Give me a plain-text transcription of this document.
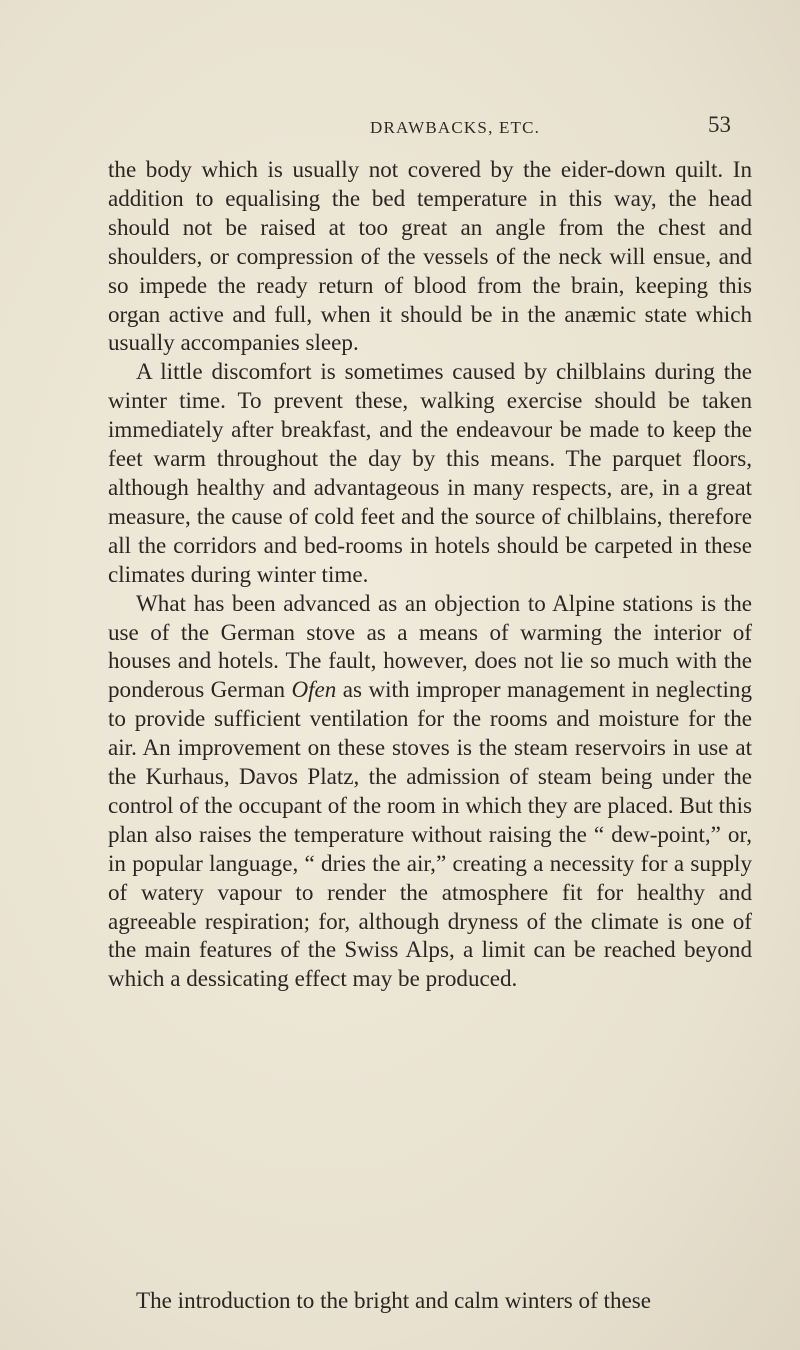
DRAWBACKS, ETC.	53

the body which is usually not covered by the eider-down quilt. In addition to equalising the bed temperature in this way, the head should not be raised at too great an angle from the chest and shoulders, or compression of the vessels of the neck will ensue, and so impede the ready return of blood from the brain, keeping this organ active and full, when it should be in the anæmic state which usually accompanies sleep.

A little discomfort is sometimes caused by chilblains during the winter time. To prevent these, walking exercise should be taken immediately after breakfast, and the endeavour be made to keep the feet warm throughout the day by this means. The parquet floors, although healthy and advantageous in many respects, are, in a great measure, the cause of cold feet and the source of chilblains, therefore all the corridors and bed-rooms in hotels should be carpeted in these climates during winter time.

What has been advanced as an objection to Alpine stations is the use of the German stove as a means of warming the interior of houses and hotels. The fault, however, does not lie so much with the ponderous German Ofen as with improper management in neglecting to provide sufficient ventilation for the rooms and moisture for the air. An improvement on these stoves is the steam reservoirs in use at the Kurhaus, Davos Platz, the admission of steam being under the control of the occupant of the room in which they are placed. But this plan also raises the temperature without raising the “ dew-point,” or, in popular language, “ dries the air,” creating a necessity for a supply of watery vapour to render the atmosphere fit for healthy and agreeable respiration; for, although dryness of the climate is one of the main features of the Swiss Alps, a limit can be reached beyond which a dessicating effect may be produced.

The introduction to the bright and calm winters of these
